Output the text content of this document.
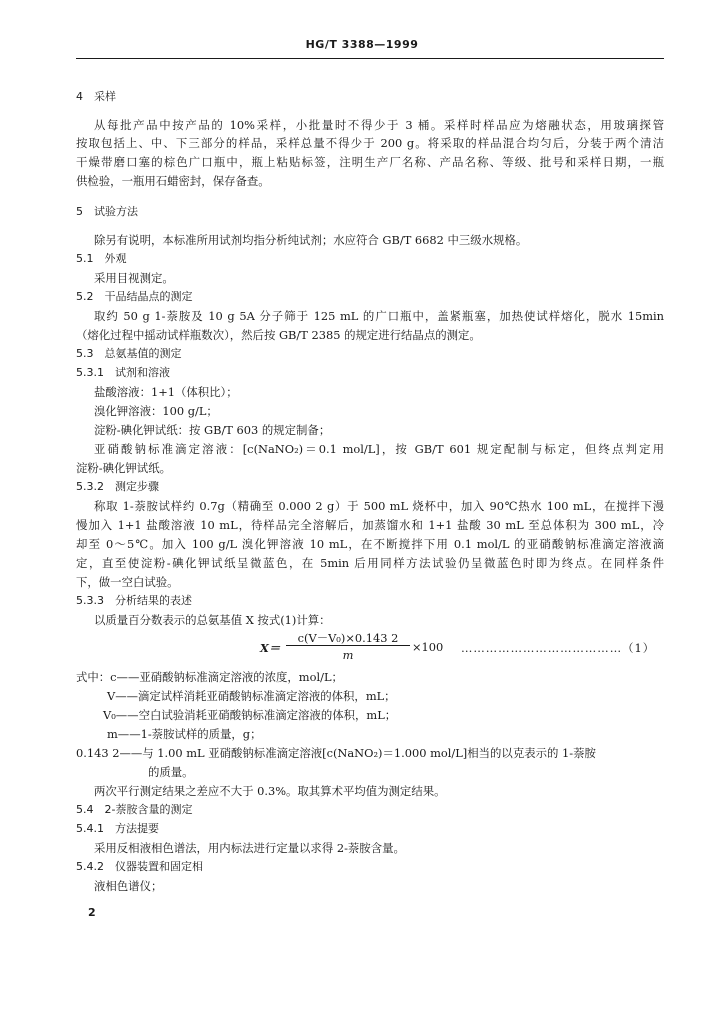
HG/T 3388—1999
4　采样
从每批产品中按产品的 10%采样，小批量时不得少于 3 桶。采样时样品应为熔融状态，用玻璃探管
按取包括上、中、下三部分的样品，采样总量不得少于 200 g。将采取的样品混合均匀后，分装于两个清洁
干燥带磨口塞的棕色广口瓶中，瓶上粘贴标签，注明生产厂名称、产品名称、等级、批号和采样日期，一瓶
供检验，一瓶用石蜡密封，保存备查。
5　试验方法
除另有说明，本标准所用试剂均指分析纯试剂；水应符合 GB/T 6682 中三级水规格。
5.1　外观
采用目视测定。
5.2　干品结晶点的测定
取约 50 g 1-萘胺及 10 g 5A 分子筛于 125 mL 的广口瓶中，盖紧瓶塞，加热使试样熔化，脱水 15min
（熔化过程中摇动试样瓶数次），然后按 GB/T 2385 的规定进行结晶点的测定。
5.3　总氨基值的测定
5.3.1　试剂和溶液
盐酸溶液：1+1（体积比）；
溴化钾溶液：100 g/L；
淀粉-碘化钾试纸：按 GB/T 603 的规定制备；
亚硝酸钠标准滴定溶液：[c(NaNO₂)＝0.1 mol/L]，按 GB/T 601 规定配制与标定，但终点判定用
淀粉-碘化钾试纸。
5.3.2　测定步骤
称取 1-萘胺试样约 0.7g（精确至 0.000 2 g）于 500 mL 烧杯中，加入 90℃热水 100 mL，在搅拌下漫
慢加入 1+1 盐酸溶液 10 mL，待样品完全溶解后，加蒸馏水和 1+1 盐酸 30 mL 至总体积为 300 mL，冷
却至 0～5℃。加入 100 g/L 溴化钾溶液 10 mL，在不断搅拌下用 0.1 mol/L 的亚硝酸钠标准滴定溶液滴
定，直至使淀粉-碘化钾试纸呈微蓝色，在 5min 后用同样方法试验仍呈微蓝色时即为终点。在同样条件
下，做一空白试验。
5.3.3　分析结果的表述
以质量百分数表示的总氨基值 X 按式(1)计算：
X＝
c(V－V₀)×0.143 2
m
×100 …………………………………（1）
式中：c——亚硝酸钠标准滴定溶液的浓度，mol/L；
V——滴定试样消耗亚硝酸钠标准滴定溶液的体积，mL；
V₀——空白试验消耗亚硝酸钠标准滴定溶液的体积，mL；
m——1-萘胺试样的质量，g；
0.143 2——与 1.00 mL 亚硝酸钠标准滴定溶液[c(NaNO₂)＝1.000 mol/L]相当的以克表示的 1-萘胺
的质量。
两次平行测定结果之差应不大于 0.3%。取其算术平均值为测定结果。
5.4　2-萘胺含量的测定
5.4.1　方法提要
采用反相液相色谱法，用内标法进行定量以求得 2-萘胺含量。
5.4.2　仪器装置和固定相
液相色谱仪；
2
